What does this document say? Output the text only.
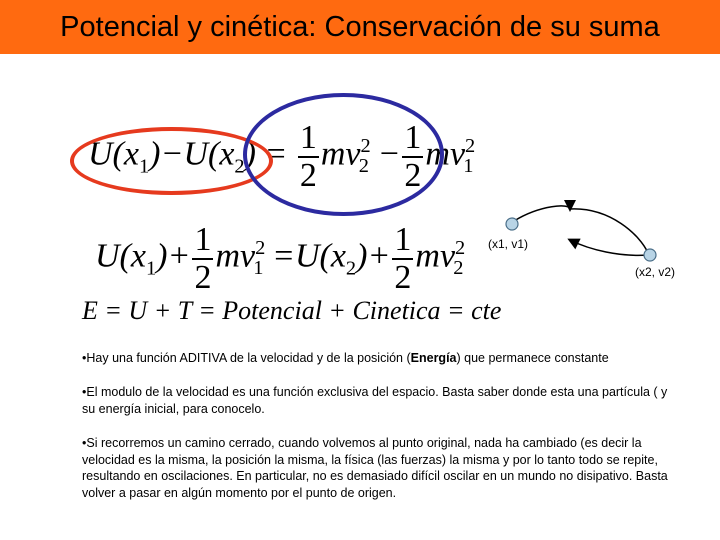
Potencial y cinética: Conservación de su suma
$U(x_1)-U(x_2) = \frac{1}{2} mv^2_2 - \frac{1}{2} mv^2_1$
$U(x_1)+ \frac{1}{2} mv^2_1 =U(x_2)+ \frac{1}{2} mv^2_2$
E = U + T = Potencial + Cinetica = cte
(x1, v1)
(x2, v2)

•Hay una función ADITIVA de la velocidad y de la posición (Energía) que permanece constante

•El modulo de la velocidad es una función exclusiva del espacio. Basta saber donde esta una partícula ( y su energía inicial, para conocelo.

•Si recorremos un camino cerrado, cuando volvemos al punto original, nada ha cambiado (es decir la velocidad es la misma, la posición la misma, la física (las fuerzas) la misma y por lo tanto todo se repite, resultando en oscilaciones. En particular, no es demasiado difícil oscilar en un mundo no disipativo. Basta volver a pasar en algún momento por el punto de origen.
